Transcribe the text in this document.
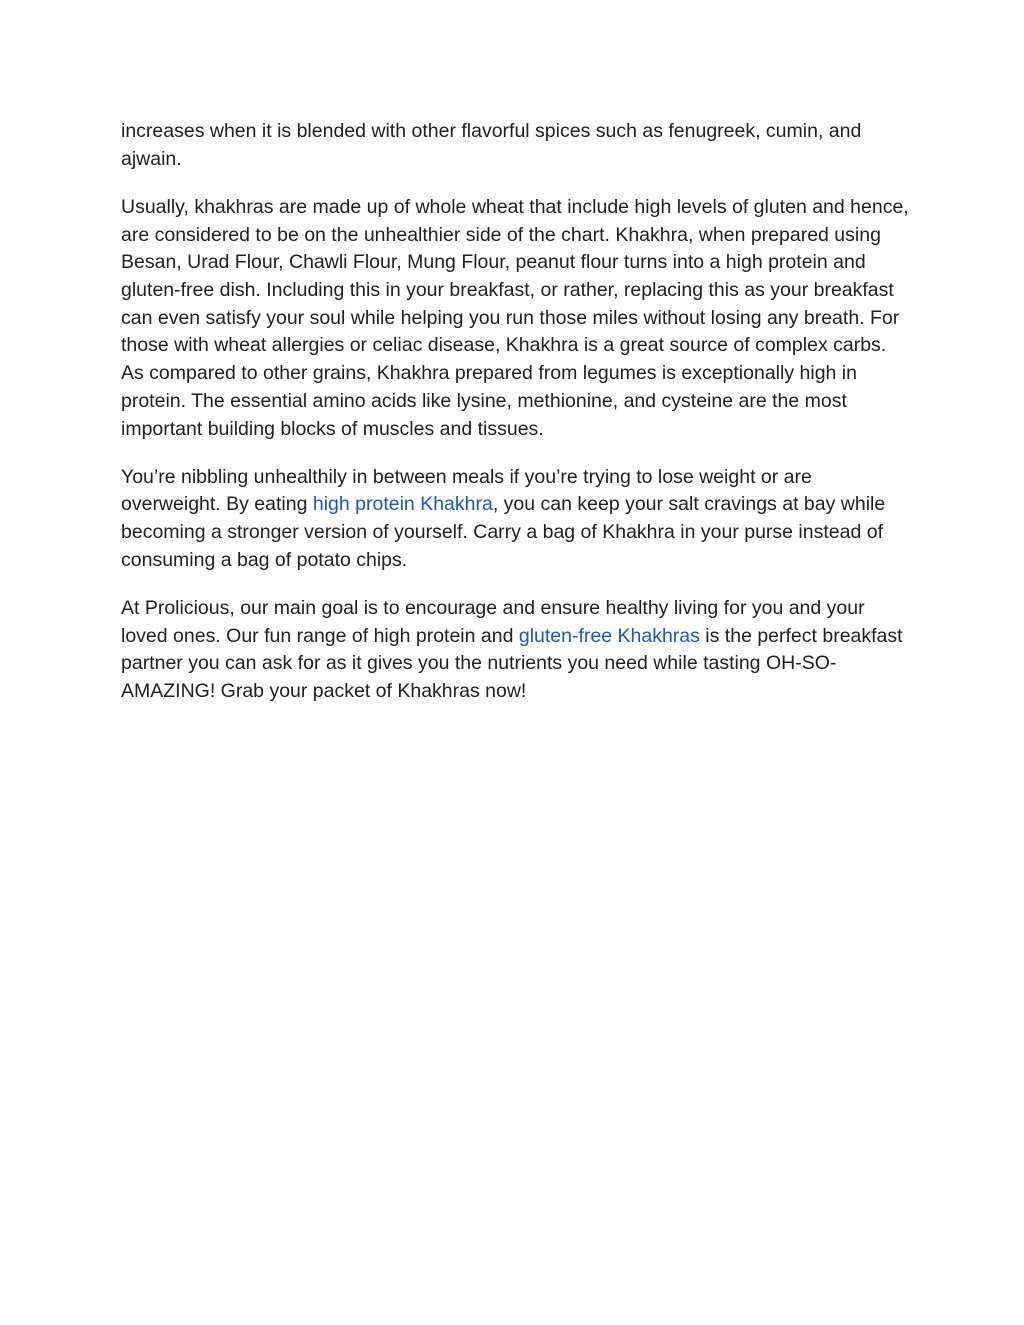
increases when it is blended with other flavorful spices such as fenugreek, cumin, and ajwain.

Usually, khakhras are made up of whole wheat that include high levels of gluten and hence, are considered to be on the unhealthier side of the chart. Khakhra, when prepared using Besan, Urad Flour, Chawli Flour, Mung Flour, peanut flour turns into a high protein and gluten-free dish. Including this in your breakfast, or rather, replacing this as your breakfast can even satisfy your soul while helping you run those miles without losing any breath. For those with wheat allergies or celiac disease, Khakhra is a great source of complex carbs. As compared to other grains, Khakhra prepared from legumes is exceptionally high in protein. The essential amino acids like lysine, methionine, and cysteine are the most important building blocks of muscles and tissues.

You’re nibbling unhealthily in between meals if you’re trying to lose weight or are overweight. By eating high protein Khakhra, you can keep your salt cravings at bay while becoming a stronger version of yourself. Carry a bag of Khakhra in your purse instead of consuming a bag of potato chips.

At Prolicious, our main goal is to encourage and ensure healthy living for you and your loved ones. Our fun range of high protein and gluten-free Khakhras is the perfect breakfast partner you can ask for as it gives you the nutrients you need while tasting OH-SO-AMAZING! Grab your packet of Khakhras now!
